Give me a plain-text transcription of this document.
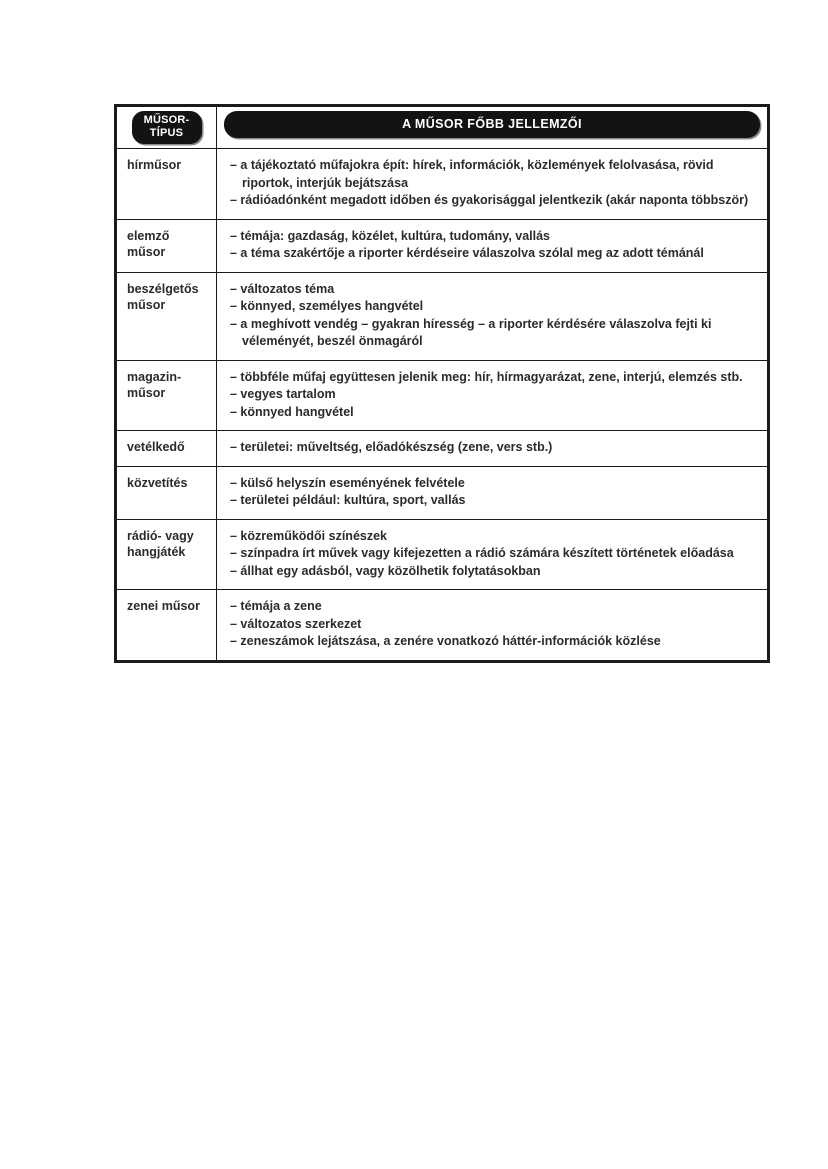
MŰSOR-TÍPUS	A MŰSOR FŐBB JELLEMZŐI

hírműsor	– a tájékoztató műfajokra épít: hírek, információk, közlemények felolvasása, rövid riportok, interjúk bejátszása
– rádióadónként megadott időben és gyakorisággal jelentkezik (akár naponta többször)

elemző műsor	– témája: gazdaság, közélet, kultúra, tudomány, vallás
– a téma szakértője a riporter kérdéseire válaszolva szólal meg az adott témánál

beszélgetős műsor	– változatos téma
– könnyed, személyes hangvétel
– a meghívott vendég – gyakran híresség – a riporter kérdésére válaszolva fejti ki véleményét, beszél önmagáról

magazin-műsor	– többféle műfaj együttesen jelenik meg: hír, hírmagyarázat, zene, interjú, elemzés stb.
– vegyes tartalom
– könnyed hangvétel

vetélkedő	– területei: műveltség, előadókészség (zene, vers stb.)

közvetítés	– külső helyszín eseményének felvétele
– területei például: kultúra, sport, vallás

rádió- vagy hangjáték	– közreműködői színészek
– színpadra írt művek vagy kifejezetten a rádió számára készített történetek előadása
– állhat egy adásból, vagy közölhetik folytatásokban

zenei műsor	– témája a zene
– változatos szerkezet
– zeneszámok lejátszása, a zenére vonatkozó háttér-információk közlése
